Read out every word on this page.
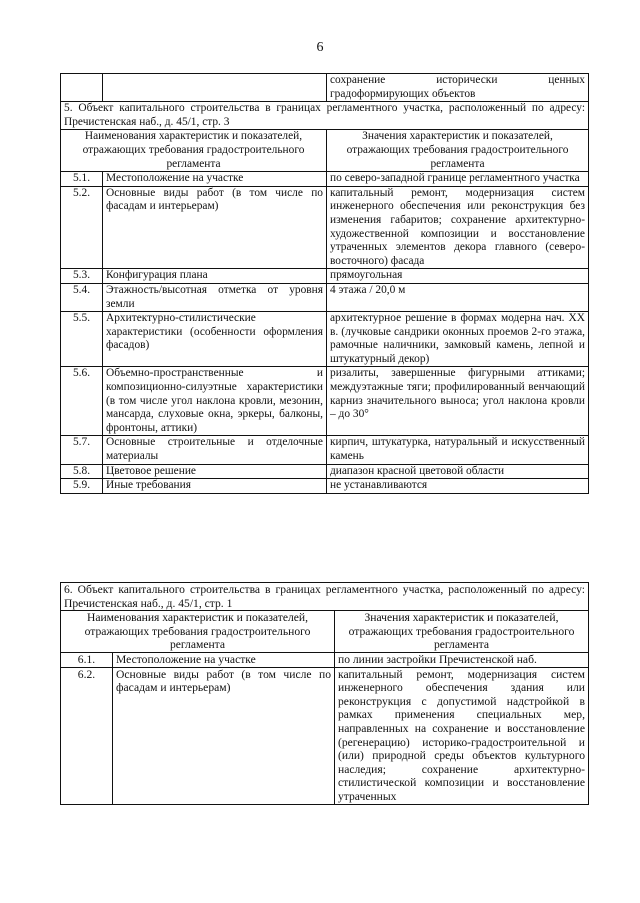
6
		сохранение исторически ценных градоформирующих объектов
5. Объект капитального строительства в границах регламентного участка, расположенный по адресу: Пречистенская наб., д. 45/1, стр. 3		
Наименования характеристик и показателей, отражающих требования градостроительного регламента		Значения характеристик и показателей, отражающих требования градостроительного регламента
5.1.	Местоположение на участке	по северо-западной границе регламентного участка
5.2.	Основные виды работ (в том числе по фасадам и интерьерам)	капитальный ремонт, модернизация систем инженерного обеспечения или реконструкция без изменения габаритов; сохранение архитектурно-художественной композиции и восстановление утраченных элементов декора главного (северо-восточного) фасада
5.3.	Конфигурация плана	прямоугольная
5.4.	Этажность/высотная отметка от уровня земли	4 этажа / 20,0 м
5.5.	Архитектурно-стилистические характеристики (особенности оформления фасадов)	архитектурное решение в формах модерна нач. XX в. (лучковые сандрики оконных проемов 2-го этажа, рамочные наличники, замковый камень, лепной и штукатурный декор)
5.6.	Объемно-пространственные и композиционно-силуэтные характеристики (в том числе угол наклона кровли, мезонин, мансарда, слуховые окна, эркеры, балконы, фронтоны, аттики)	ризалиты, завершенные фигурными аттиками; междуэтажные тяги; профилированный венчающий карниз значительного выноса; угол наклона кровли – до 30°
5.7.	Основные строительные и отделочные материалы	кирпич, штукатурка, натуральный и искусственный камень
5.8.	Цветовое решение	диапазон красной цветовой области
5.9.	Иные требования	не устанавливаются
6. Объект капитального строительства в границах регламентного участка, расположенный по адресу: Пречистенская наб., д. 45/1, стр. 1		
Наименования характеристик и показателей, отражающих требования градостроительного регламента		Значения характеристик и показателей, отражающих требования градостроительного регламента
6.1.	Местоположение на участке	по линии застройки Пречистенской наб.
6.2.	Основные виды работ (в том числе по фасадам и интерьерам)	капитальный ремонт, модернизация систем инженерного обеспечения здания или реконструкция с допустимой надстройкой в рамках применения специальных мер, направленных на сохранение и восстановление (регенерацию) историко-градостроительной и (или) природной среды объектов культурного наследия; сохранение архитектурно-стилистической композиции и восстановление утраченных
